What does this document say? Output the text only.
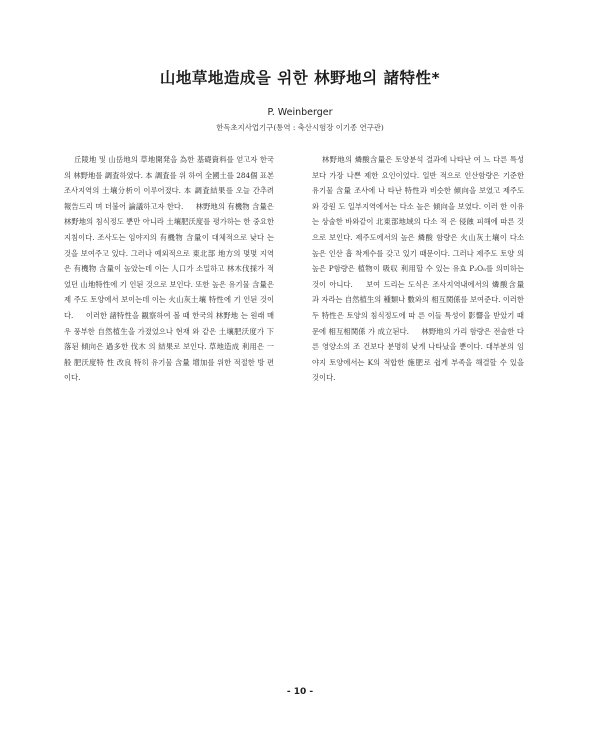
山地草地造成을 위한 林野地의 諸特性*
P. Weinberger
한독초지사업기구(통역 : 축산시험장 이기종 연구관)
丘陵地 및 山岳地의 草地開発을 為한 基礎資料를 얻고자 한국의 林野地를 調査하였다. 本 調査를 위 하여 全國土를 284個 표본 조사지역의 土壤分析이 이루어졌다. 本 調査結果를 오늘 간추려 報告드리 며 더불어 論議하고자 한다. 林野地의 有機物 含量은 林野地의 침식정도 뿐만 아니라 土壤肥沃度를 평가하는 한 중요한 지침이다. 조사도는 임야지의 有機物 含量이 대체적으로 낮다 는 것을 보여주고 있다. 그러나 예외적으로 東北部 地方의 몇몇 지역은 有機物 含量이 높았는데 이는 人口가 소밀하고 林木伐採가 적었던 山地特性에 기 인된 것으로 보인다. 또한 높은 유기물 含量은 제 주도 토양에서 보이는데 이는 火山灰土壤 特性에 기 인된 것이다. 이러한 諸特性을 観察하여 볼 때 한국의 林野地 는 원래 매우 풍부한 自然植生을 가졌었으나 현재 와 같은 土壤肥沃度가 下落된 傾向은 過多한 伐木 의 結果로 보인다. 草地造成 利用은 一般 肥沃度特 性 改良 特히 유기물 含量 增加를 위한 적절한 방 편이다.
林野地의 燐酸含量은 토양분석 결과에 나타난 여 느 다른 특성보다 가장 나쁜 제한 요인이었다. 일반 적으로 인산함량은 기준한 유기물 含量 조사에 나 타난 特性과 비슷한 傾向을 보였고 제주도와 강원 도 일부지역에서는 다소 높은 傾向을 보였다. 이러 한 이유는 상술한 바와같이 北東部地域의 다소 적 은 侵蝕 피해에 따른 것으로 보인다. 제주도에서의 높은 燐酸 함량은 火山灰土壤이 다소 높은 인산 흡 착계수를 갖고 있기 때문이다. 그러나 제주도 토양 의 높은 P함량은 植物이 吸収 利用할 수 있는 유효 P₂O₅를 의미하는 것이 아니다. 보여 드리는 도식은 조사지역내에서의 燐酸含量 과 자라는 自然植生의 種類나 數와의 相互関係를 보여준다. 이러한 두 特性은 토양의 침식정도에 따 른 이들 특성이 影響을 받았기 때문에 相互相関係 가 成立된다. 林野地의 가리 함량은 전술한 다른 영양소의 조 건보다 분명히 낮게 나타났을 뿐이다. 대부분의 임 야지 토양에서는 K의 적합한 施肥로 쉽게 부족을 해결할 수 있을 것이다.
- 10 -
